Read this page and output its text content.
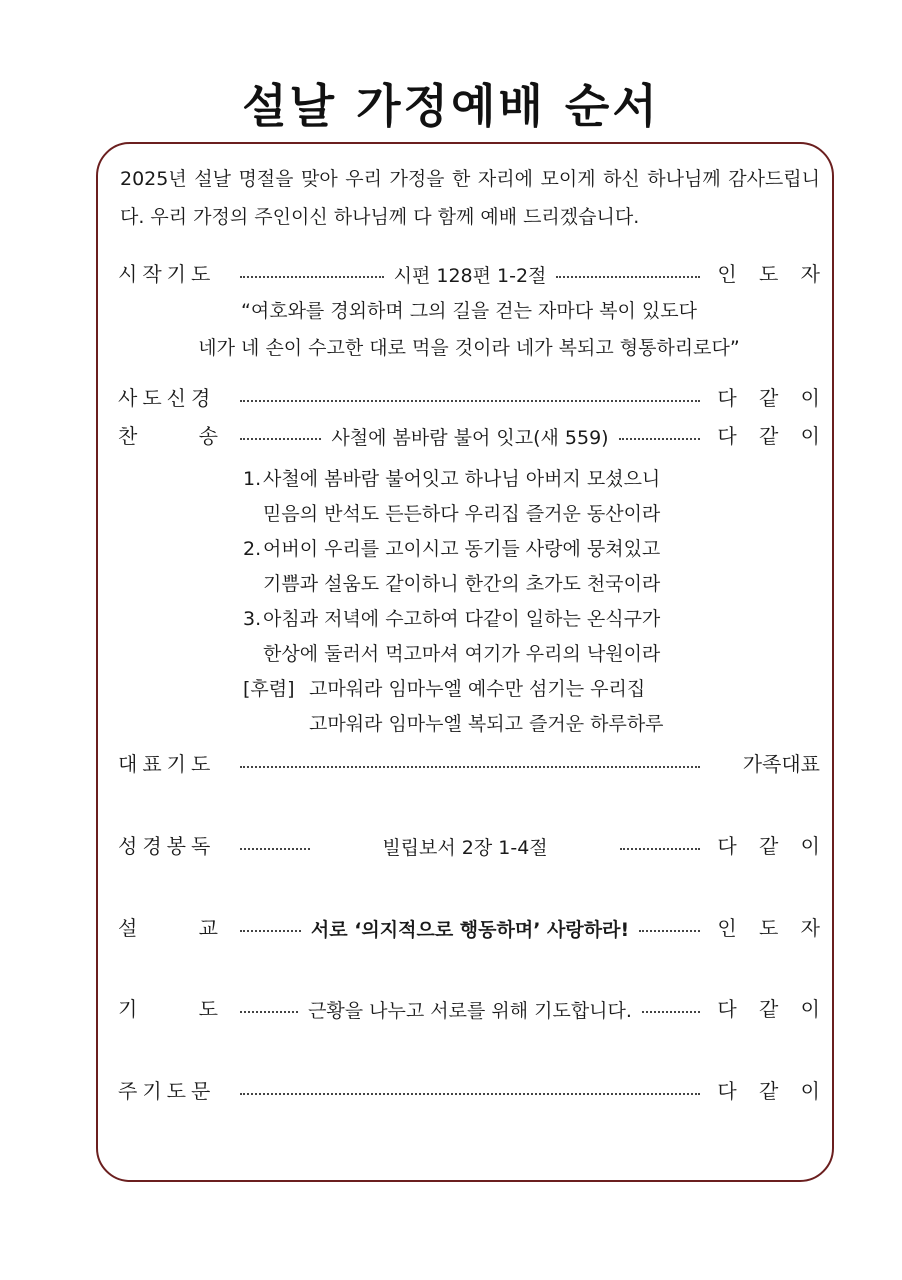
설날 가정예배 순서
2025년 설날 명절을 맞아 우리 가정을 한 자리에 모이게 하신 하나님께 감사드립니다. 우리 가정의 주인이신 하나님께 다 함께 예배 드리겠습니다.
시작기도	시편 128편 1-2절	인 도 자
“여호와를 경외하며 그의 길을 걷는 자마다 복이 있도다
네가 네 손이 수고한 대로 먹을 것이라 네가 복되고 형통하리로다”
사도신경	다 같 이
찬	송	사철에 봄바람 불어 잇고(새 559)	다 같 이
1.사철에 봄바람 불어잇고 하나님 아버지 모셨으니
믿음의 반석도 든든하다 우리집 즐거운 동산이라
2.어버이 우리를 고이시고 동기들 사랑에 뭉쳐있고
기쁨과 설움도 같이하니 한간의 초가도 천국이라
3.아침과 저녁에 수고하여 다같이 일하는 온식구가
한상에 둘러서 먹고마셔 여기가 우리의 낙원이라
[후렴] 고마워라 임마누엘 예수만 섬기는 우리집
고마워라 임마누엘 복되고 즐거운 하루하루
대표기도	가족대표
성경봉독	빌립보서 2장 1-4절	다 같 이
설	교	서로 ‘의지적으로 행동하며’ 사랑하라!	인 도 자
기	도	근황을 나누고 서로를 위해 기도합니다.	다 같 이
주기도문	다 같 이
